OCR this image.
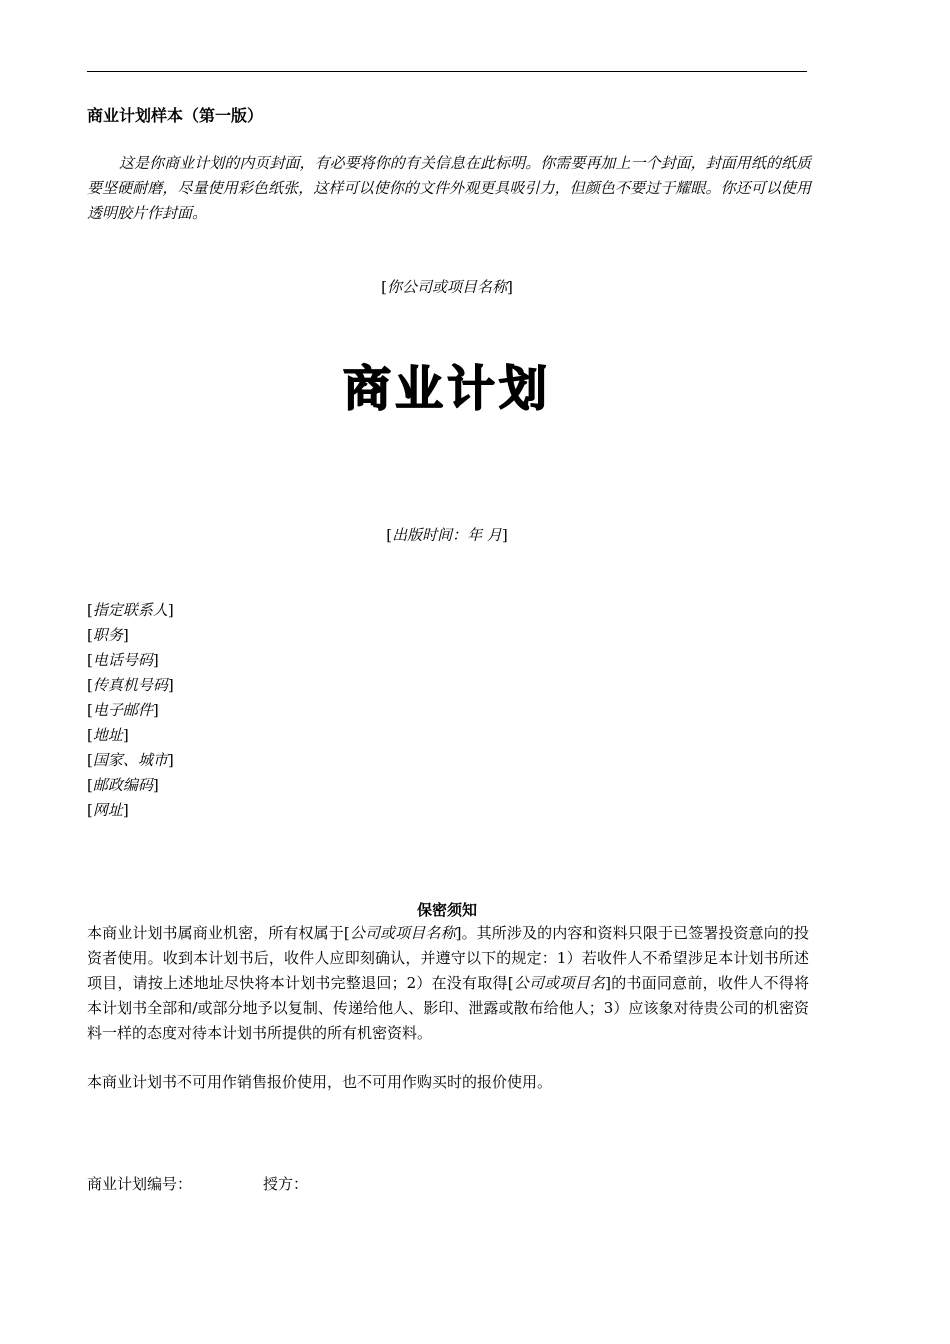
商业计划样本（第一版）
这是你商业计划的内页封面，有必要将你的有关信息在此标明。你需要再加上一个封面，封面用纸的纸质要坚硬耐磨，尽量使用彩色纸张，这样可以使你的文件外观更具吸引力，但颜色不要过于耀眼。你还可以使用透明胶片作封面。
[你公司或项目名称]
商业计划
[出版时间：年 月]
[指定联系人]
[职务]
[电话号码]
[传真机号码]
[电子邮件]
[地址]
[国家、城市]
[邮政编码]
[网址]
保密须知
本商业计划书属商业机密，所有权属于[公司或项目名称]。其所涉及的内容和资料只限于已签署投资意向的投资者使用。收到本计划书后，收件人应即刻确认，并遵守以下的规定：1）若收件人不希望涉足本计划书所述项目，请按上述地址尽快将本计划书完整退回；2）在没有取得[公司或项目名]的书面同意前，收件人不得将本计划书全部和/或部分地予以复制、传递给他人、影印、泄露或散布给他人；3）应该象对待贵公司的机密资料一样的态度对待本计划书所提供的所有机密资料。
本商业计划书不可用作销售报价使用，也不可用作购买时的报价使用。
商业计划编号：	授方：
